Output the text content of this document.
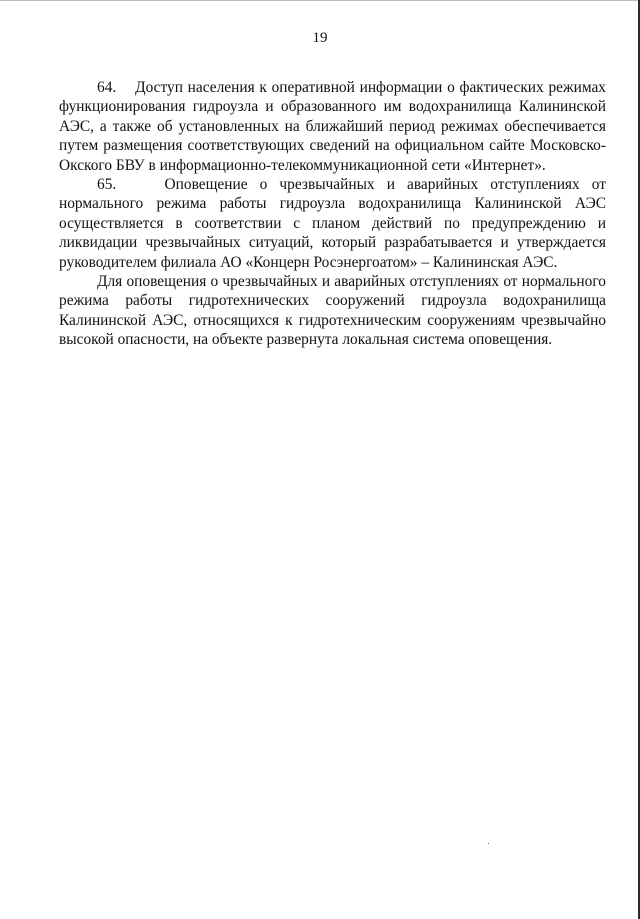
19

64.    Доступ населения к оперативной информации о фактических режимах функционирования гидроузла и образованного им водохранилища Калининской АЭС, а также об установленных на ближайший период режимах обеспечивается путем размещения соответствующих сведений на официальном сайте Московско-Окского БВУ в информационно-телекоммуникационной сети «Интернет».

65.    Оповещение о чрезвычайных и аварийных отступлениях от нормального режима работы гидроузла водохранилища Калининской АЭС осуществляется в соответствии с планом действий по предупреждению и ликвидации чрезвычайных ситуаций, который разрабатывается и утверждается руководителем филиала АО «Концерн Росэнергоатом» – Калининская АЭС.

Для оповещения о чрезвычайных и аварийных отступлениях от нормального режима работы гидротехнических сооружений гидроузла водохранилища Калининской АЭС, относящихся к гидротехническим сооружениям чрезвычайно высокой опасности, на объекте развернута локальная система оповещения.
